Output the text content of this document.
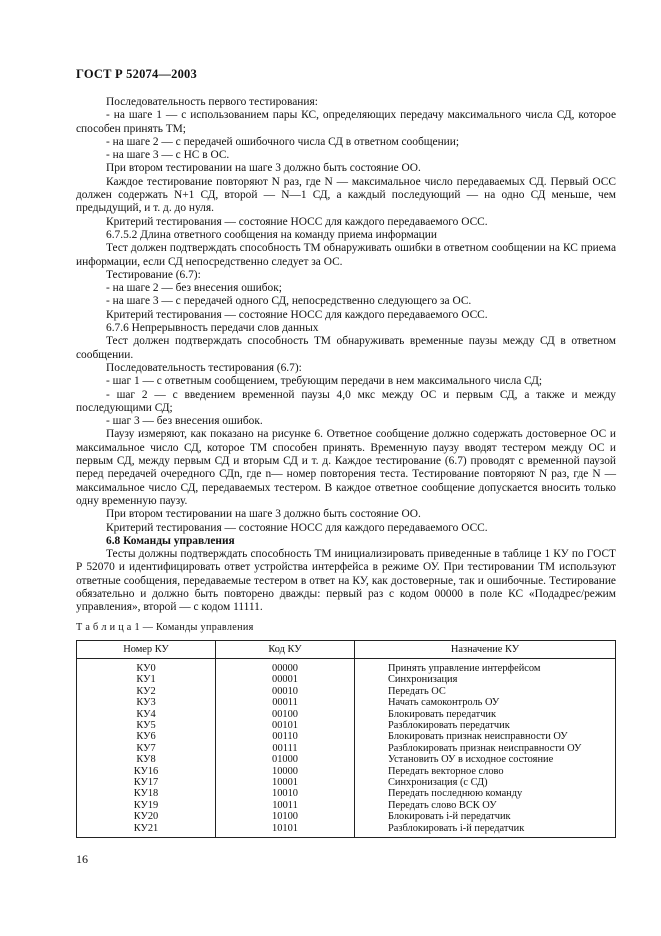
ГОСТ Р 52074—2003

Последовательность первого тестирования:

- на шаге 1 — с использованием пары КС, определяющих передачу максимального числа СД, которое способен принять ТМ;

- на шаге 2 — с передачей ошибочного числа СД в ответном сообщении;

- на шаге 3 — с НС в ОС.

При втором тестировании на шаге 3 должно быть состояние ОО.

Каждое тестирование повторяют N раз, где N — максимальное число передаваемых СД. Первый ОСС должен содержать N+1 СД, второй — N—1 СД, а каждый последующий — на одно СД меньше, чем предыдущий, и т. д. до нуля.

Критерий тестирования — состояние НОСС для каждого передаваемого ОСС.

6.7.5.2 Длина ответного сообщения на команду приема информации

Тест должен подтверждать способность ТМ обнаруживать ошибки в ответном сообщении на КС приема информации, если СД непосредственно следует за ОС.

Тестирование (6.7):

- на шаге 2 — без внесения ошибок;

- на шаге 3 — с передачей одного СД, непосредственно следующего за ОС.

Критерий тестирования — состояние НОСС для каждого передаваемого ОСС.

6.7.6 Непрерывность передачи слов данных

Тест должен подтверждать способность ТМ обнаруживать временные паузы между СД в ответном сообщении.

Последовательность тестирования (6.7):

- шаг 1 — с ответным сообщением, требующим передачи в нем максимального числа СД;

- шаг 2 — с введением временной паузы 4,0 мкс между ОС и первым СД, а также и между последующими СД;

- шаг 3 — без внесения ошибок.

Паузу измеряют, как показано на рисунке 6. Ответное сообщение должно содержать достоверное ОС и максимальное число СД, которое ТМ способен принять. Временную паузу вводят тестером между ОС и первым СД, между первым СД и вторым СД и т. д. Каждое тестирование (6.7) проводят с временной паузой перед передачей очередного СДn, где n— номер повторения теста. Тестирование повторяют N раз, где N — максимальное число СД, передаваемых тестером. В каждое ответное сообщение допускается вносить только одну временную паузу.

При втором тестировании на шаге 3 должно быть состояние ОО.

Критерий тестирования — состояние НОСС для каждого передаваемого ОСС.

6.8 Команды управления

Тесты должны подтверждать способность ТМ инициализировать приведенные в таблице 1 КУ по ГОСТ Р 52070 и идентифицировать ответ устройства интерфейса в режиме ОУ. При тестировании ТМ используют ответные сообщения, передаваемые тестером в ответ на КУ, как достоверные, так и ошибочные. Тестирование обязательно и должно быть повторено дважды: первый раз с кодом 00000 в поле КС «Подадрес/режим управления», второй — с кодом 11111.

Т а б л и ц а 1 — Команды управления
Номер КУ	Код КУ	Назначение КУ
КУ0	00000	Принять управление интерфейсом
КУ1	00001	Синхронизация
КУ2	00010	Передать ОС
КУ3	00011	Начать самоконтроль ОУ
КУ4	00100	Блокировать передатчик
КУ5	00101	Разблокировать передатчик
КУ6	00110	Блокировать признак неисправности ОУ
КУ7	00111	Разблокировать признак неисправности ОУ
КУ8	01000	Установить ОУ в исходное состояние
КУ16	10000	Передать векторное слово
КУ17	10001	Синхронизация (с СД)
КУ18	10010	Передать последнюю команду
КУ19	10011	Передать слово ВСК ОУ
КУ20	10100	Блокировать i-й передатчик
КУ21	10101	Разблокировать i-й передатчик
16
